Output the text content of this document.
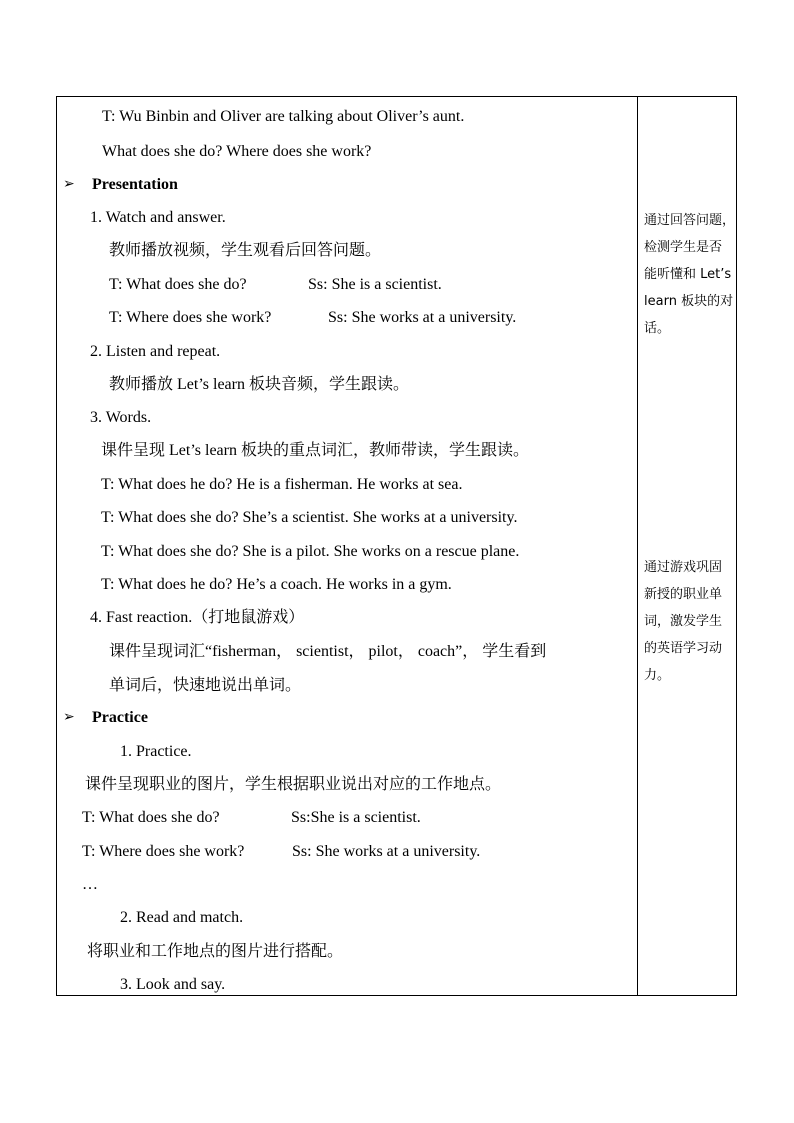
T: Wu Binbin and Oliver are talking about Oliver’s aunt.
What does she do? Where does she work?
➢ Presentation
1. Watch and answer.
教师播放视频，学生观看后回答问题。
T: What does she do?	Ss: She is a scientist.
T: Where does she work?	Ss: She works at a university.
2. Listen and repeat.
教师播放 Let’s learn 板块音频，学生跟读。
3. Words.
课件呈现 Let’s learn 板块的重点词汇，教师带读，学生跟读。
T: What does he do? He is a fisherman. He works at sea.
T: What does she do? She’s a scientist. She works at a university.
T: What does she do? She is a pilot. She works on a rescue plane.
T: What does he do? He’s a coach. He works in a gym.
4. Fast reaction.（打地鼠游戏）
课件呈现词汇“fisherman， scientist， pilot， coach”， 学生看到
单词后，快速地说出单词。
➢ Practice
1. Practice.
课件呈现职业的图片，学生根据职业说出对应的工作地点。
T: What does she do?	Ss:She is a scientist.
T: Where does she work?	Ss: She works at a university.
…
2. Read and match.
将职业和工作地点的图片进行搭配。
3. Look and say.
通过回答问题，
检测学生是否
能听懂和 Let’s
learn 板块的对
话。
通过游戏巩固
新授的职业单
词，激发学生
的英语学习动
力。
